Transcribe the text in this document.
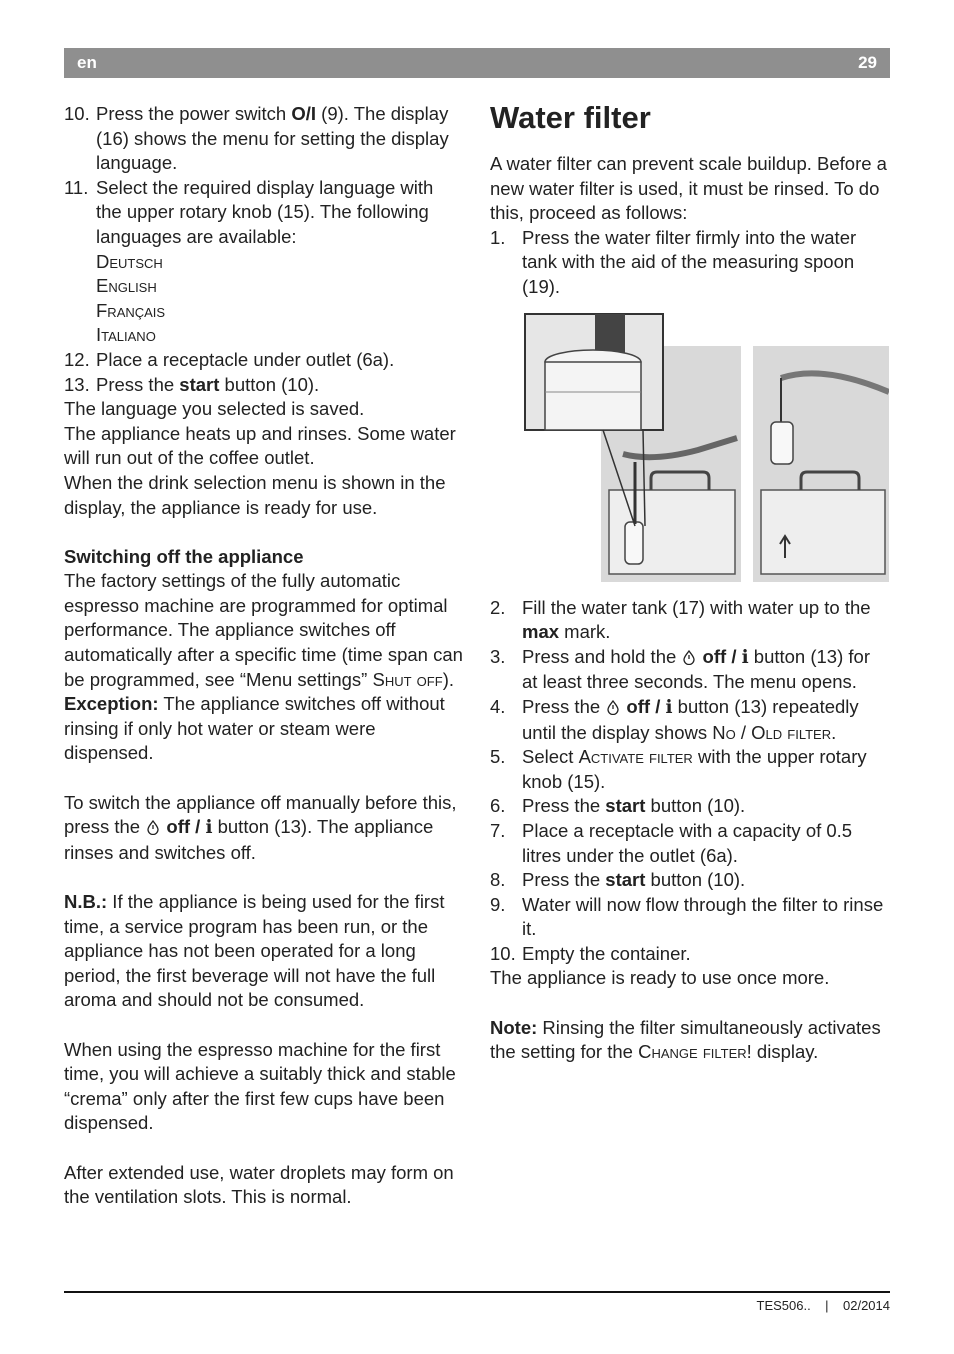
en	29
10. Press the power switch O/I (9). The display (16) shows the menu for setting the display language.
11. Select the required display language with the upper rotary knob (15). The following languages are available:
Deutsch
English
Français
Italiano
12. Place a receptacle under outlet (6a).
13. Press the start button (10).

The language you selected is saved.

The appliance heats up and rinses. Some water will run out of the coffee outlet.

When the drink selection menu is shown in the display, the appliance is ready for use.

Switching off the appliance

The factory settings of the fully automatic espresso machine are programmed for optimal performance. The appliance switches off automatically after a specific time (time span can be programmed, see “Menu settings” Shut off).

Exception: The appliance switches off without rinsing if only hot water or steam were dispensed.

To switch the appliance off manually before this, press the  off / i button (13). The appliance rinses and switches off.

N.B.: If the appliance is being used for the first time, a service program has been run, or the appliance has not been operated for a long period, the first beverage will not have the full aroma and should not be consumed.

When using the espresso machine for the first time, you will achieve a suitably thick and stable “crema” only after the first few cups have been dispensed.

After extended use, water droplets may form on the ventilation slots. This is normal.

Water filter

A water filter can prevent scale buildup. Before a new water filter is used, it must be rinsed. To do this, proceed as follows:

1. Press the water filter firmly into the water tank with the aid of the measuring spoon (19).
2. Fill the water tank (17) with water up to the max mark.
3. Press and hold the  off / i button (13) for at least three seconds. The menu opens.
4. Press the  off / i button (13) repeatedly until the display shows No / Old filter.
5. Select Activate filter with the upper rotary knob (15).
6. Press the start button (10).
7. Place a receptacle with a capacity of 0.5 litres under the outlet (6a).
8. Press the start button (10).
9. Water will now flow through the filter to rinse it.
10. Empty the container.

The appliance is ready to use once more.

Note: Rinsing the filter simultaneously activates the setting for the Change filter! display.

TES506.. | 02/2014
